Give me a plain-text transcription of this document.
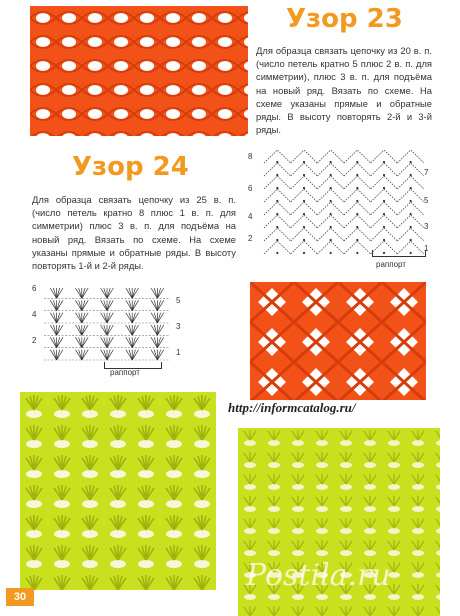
Узор 23
Для образца связать цепочку из 20 в. п. (число петель кратно 5 плюс 2 в. п. для симметрии), плюс 3 в. п. для подъёма на новый ряд. Вязать по схеме. На схеме указаны прямые и обратные ряды. В высоту повторять 2-й и 3-й ряды.
Узор 24
Для образца связать цепочку из 25 в. п. (число петель кратно 8 плюс 1 в. п. для симметрии) плюс 3 в. п. для подъёма на новый ряд. Вязать по схеме. На схеме указаны прямые и обратные ряды. В высоту повторять 1-й и 2-й ряды.
8
6
4
2
7
5
3
1
раппорт
6
4
2
5
3
1
раппорт
http://informcatalog.ru/
Postila.ru
30
